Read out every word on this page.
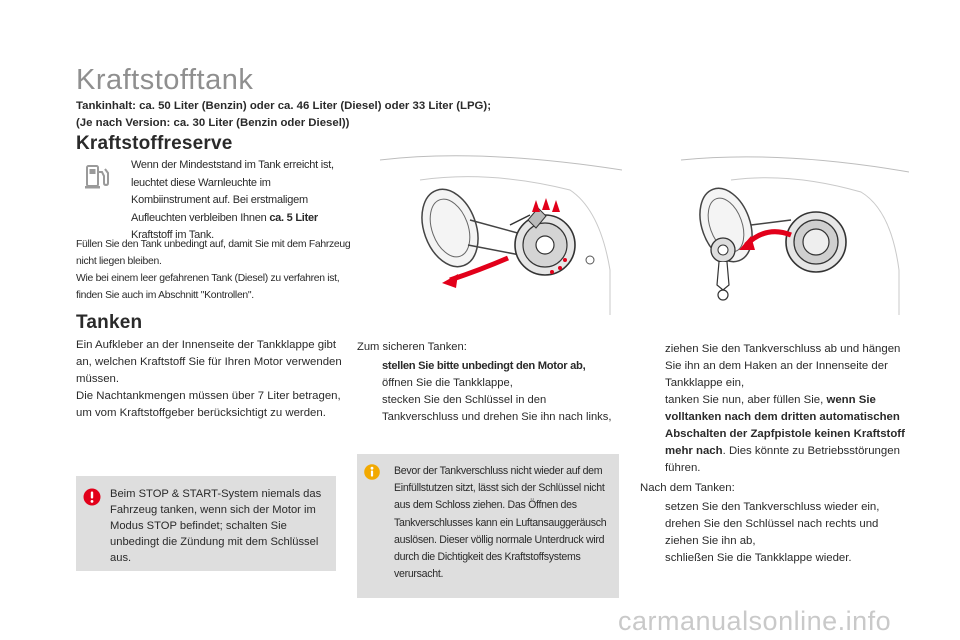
Kraftstofftank
Tankinhalt: ca. 50 Liter (Benzin) oder ca. 46 Liter (Diesel) oder 33 Liter (LPG);
(Je nach Version: ca. 30 Liter (Benzin oder Diesel))
Kraftstoffreserve
Wenn der Mindeststand im Tank erreicht ist, leuchtet diese Warnleuchte im Kombiinstrument auf. Bei erstmaligem Aufleuchten verbleiben Ihnen ca. 5 Liter Kraftstoff im Tank.
Füllen Sie den Tank unbedingt auf, damit Sie mit dem Fahrzeug nicht liegen bleiben.
Wie bei einem leer gefahrenen Tank (Diesel) zu verfahren ist, finden Sie auch im Abschnitt "Kontrollen".
Tanken
Ein Aufkleber an der Innenseite der Tankklappe gibt an, welchen Kraftstoff Sie für Ihren Motor verwenden müssen.
Die Nachtankmengen müssen über 7 Liter betragen, um vom Kraftstoffgeber berücksichtigt zu werden.
Beim STOP & START-System niemals das Fahrzeug tanken, wenn sich der Motor im Modus STOP befindet; schalten Sie unbedingt die Zündung mit dem Schlüssel aus.
Zum sicheren Tanken:
stellen Sie bitte unbedingt den Motor ab,
öffnen Sie die Tankklappe,
stecken Sie den Schlüssel in den Tankverschluss und drehen Sie ihn nach links,
Bevor der Tankverschluss nicht wieder auf dem Einfüllstutzen sitzt, lässt sich der Schlüssel nicht aus dem Schloss ziehen. Das Öffnen des Tankverschlusses kann ein Luftansauggeräusch auslösen. Dieser völlig normale Unterdruck wird durch die Dichtigkeit des Kraftstoffsystems verursacht.
ziehen Sie den Tankverschluss ab und hängen Sie ihn an dem Haken an der Innenseite der Tankklappe ein,
tanken Sie nun, aber füllen Sie, wenn Sie volltanken nach dem dritten automatischen Abschalten der Zapfpistole keinen Kraftstoff mehr nach. Dies könnte zu Betriebsstörungen führen.
Nach dem Tanken:
setzen Sie den Tankverschluss wieder ein,
drehen Sie den Schlüssel nach rechts und ziehen Sie ihn ab,
schließen Sie die Tankklappe wieder.
carmanualsonline.info
